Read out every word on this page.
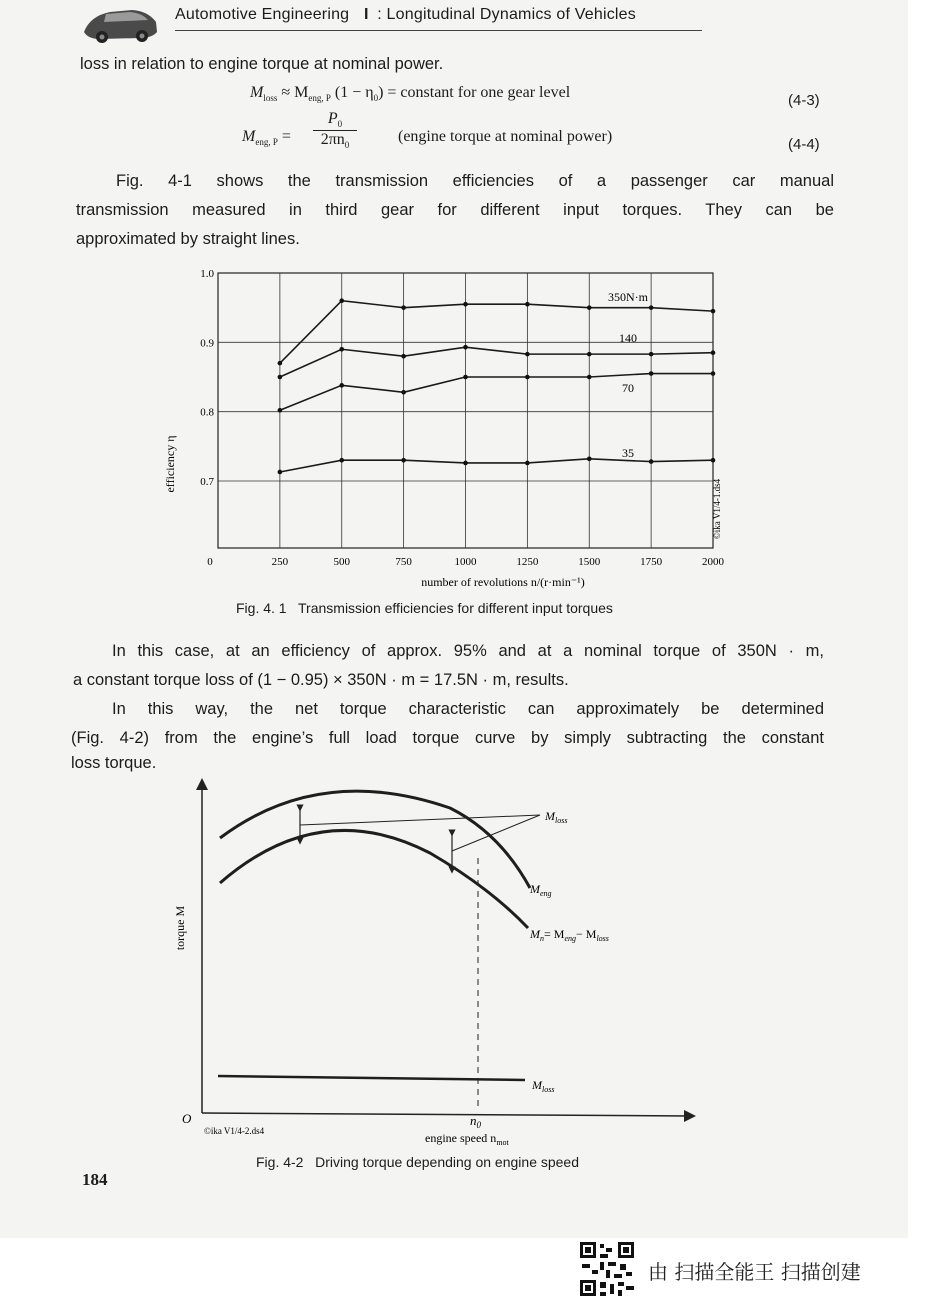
Automotive Engineering I : Longitudinal Dynamics of Vehicles
loss in relation to engine torque at nominal power.
$M_{loss} \approx M_{eng, P}$ $(1 - \eta_0)$ = constant for one gear level	(4-3)
$M_{eng, P}$ =
$P_0$
$2\pi n_0$
(engine torque at nominal power)	(4-4)
Fig. 4-1 shows the transmission efficiencies of a passenger car manual
transmission measured in third gear for different input torques. They can be
approximated by straight lines.
0	250	500	750	1000	1250	1500	1750	2000
0.7
0.8
0.9
1.0
350N·m
140
70
35
efficiency η
number of revolutions n/(r·min⁻¹)
©ika V1/4-1.ds4
Fig. 4. 1 Transmission efficiencies for different input torques
In this case, at an efficiency of approx. 95% and at a nominal torque of 350N · m,
a constant torque loss of (1 − 0.95) × 350N · m = 17.5N · m, results.
In this way, the net torque characteristic can approximately be determined
(Fig. 4-2) from the engine’s full load torque curve by simply subtracting the constant
loss torque.
$M_{loss}$
$M_{eng}$
$M_n= M_{eng}- M_{loss}$
$M_{loss}$
O
torque M
$n_0$
engine speed $n_{mot}$
©ika V1/4-2.ds4
Fig. 4-2 Driving torque depending on engine speed
184
由 扫描全能王 扫描创建
